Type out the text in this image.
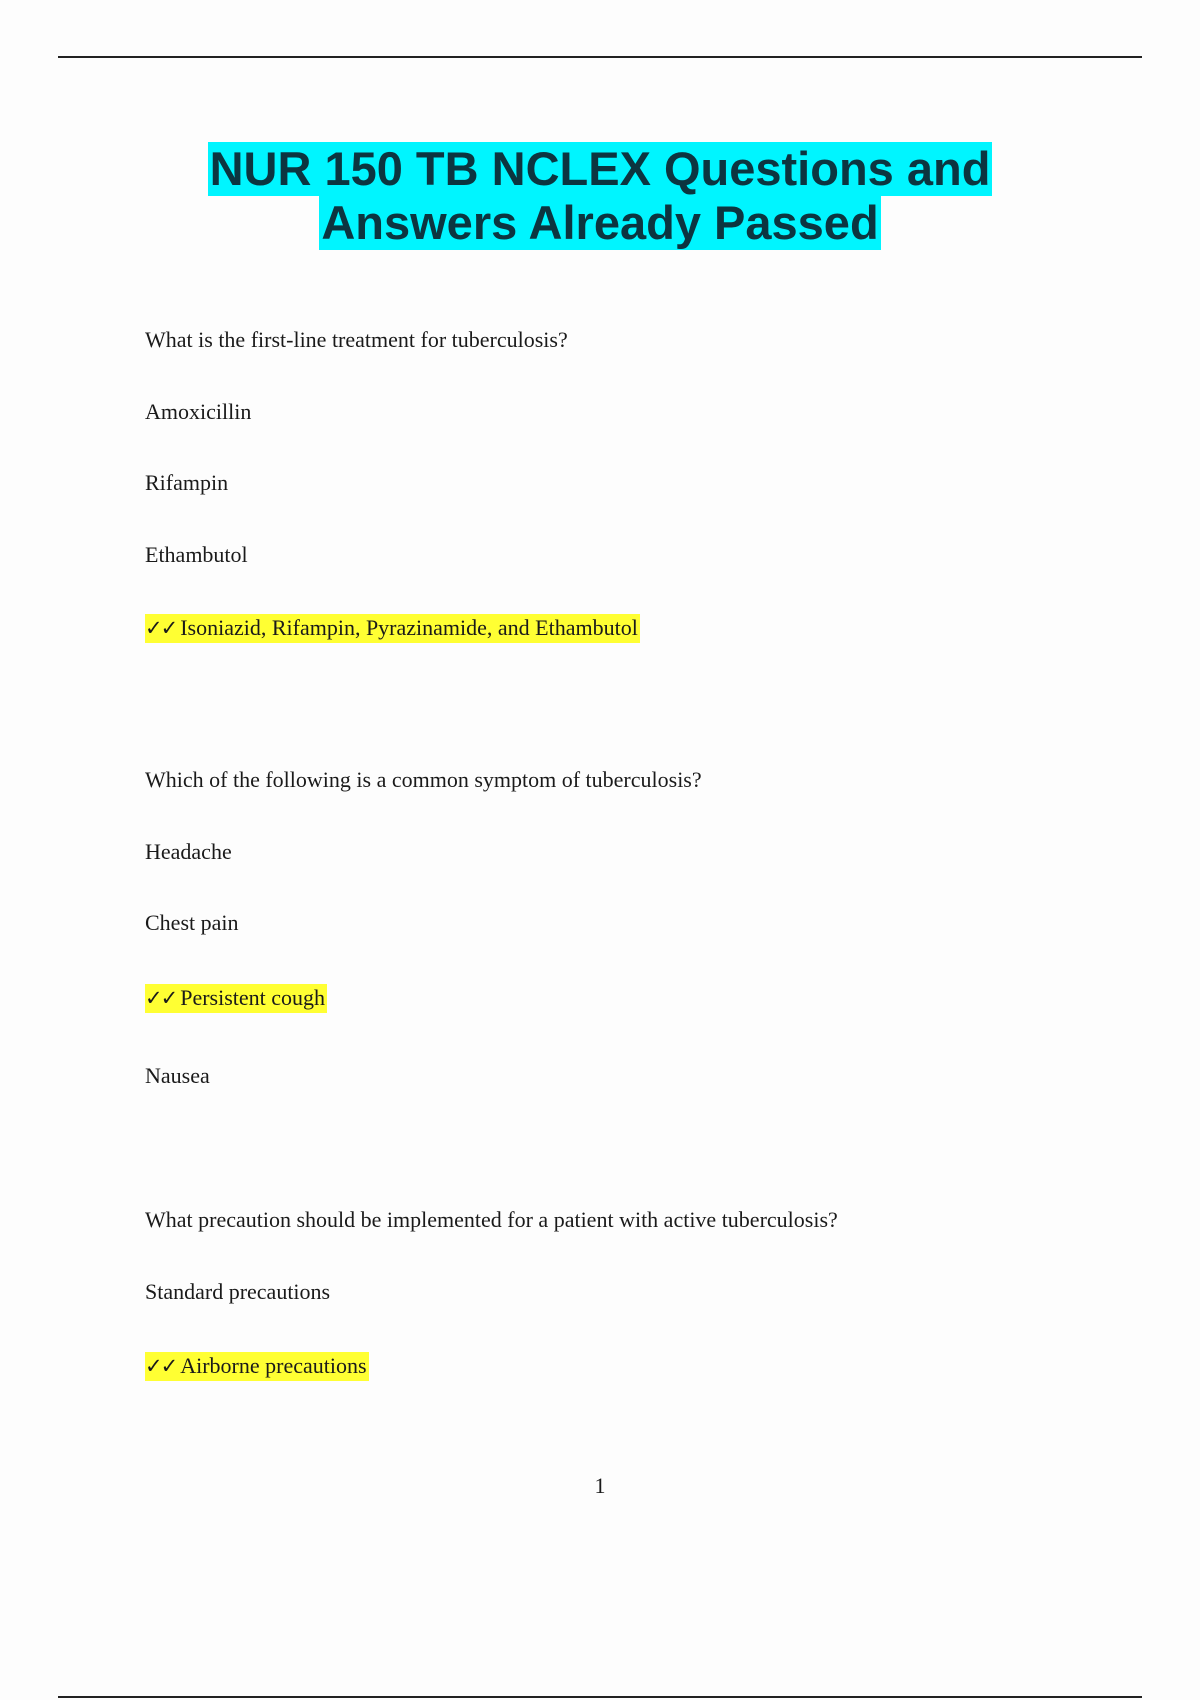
NUR 150 TB NCLEX Questions and
Answers Already Passed
What is the first-line treatment for tuberculosis?
Amoxicillin
Rifampin
Ethambutol
✓✓ Isoniazid, Rifampin, Pyrazinamide, and Ethambutol
Which of the following is a common symptom of tuberculosis?
Headache
Chest pain
✓✓ Persistent cough
Nausea
What precaution should be implemented for a patient with active tuberculosis?
Standard precautions
✓✓ Airborne precautions
1
